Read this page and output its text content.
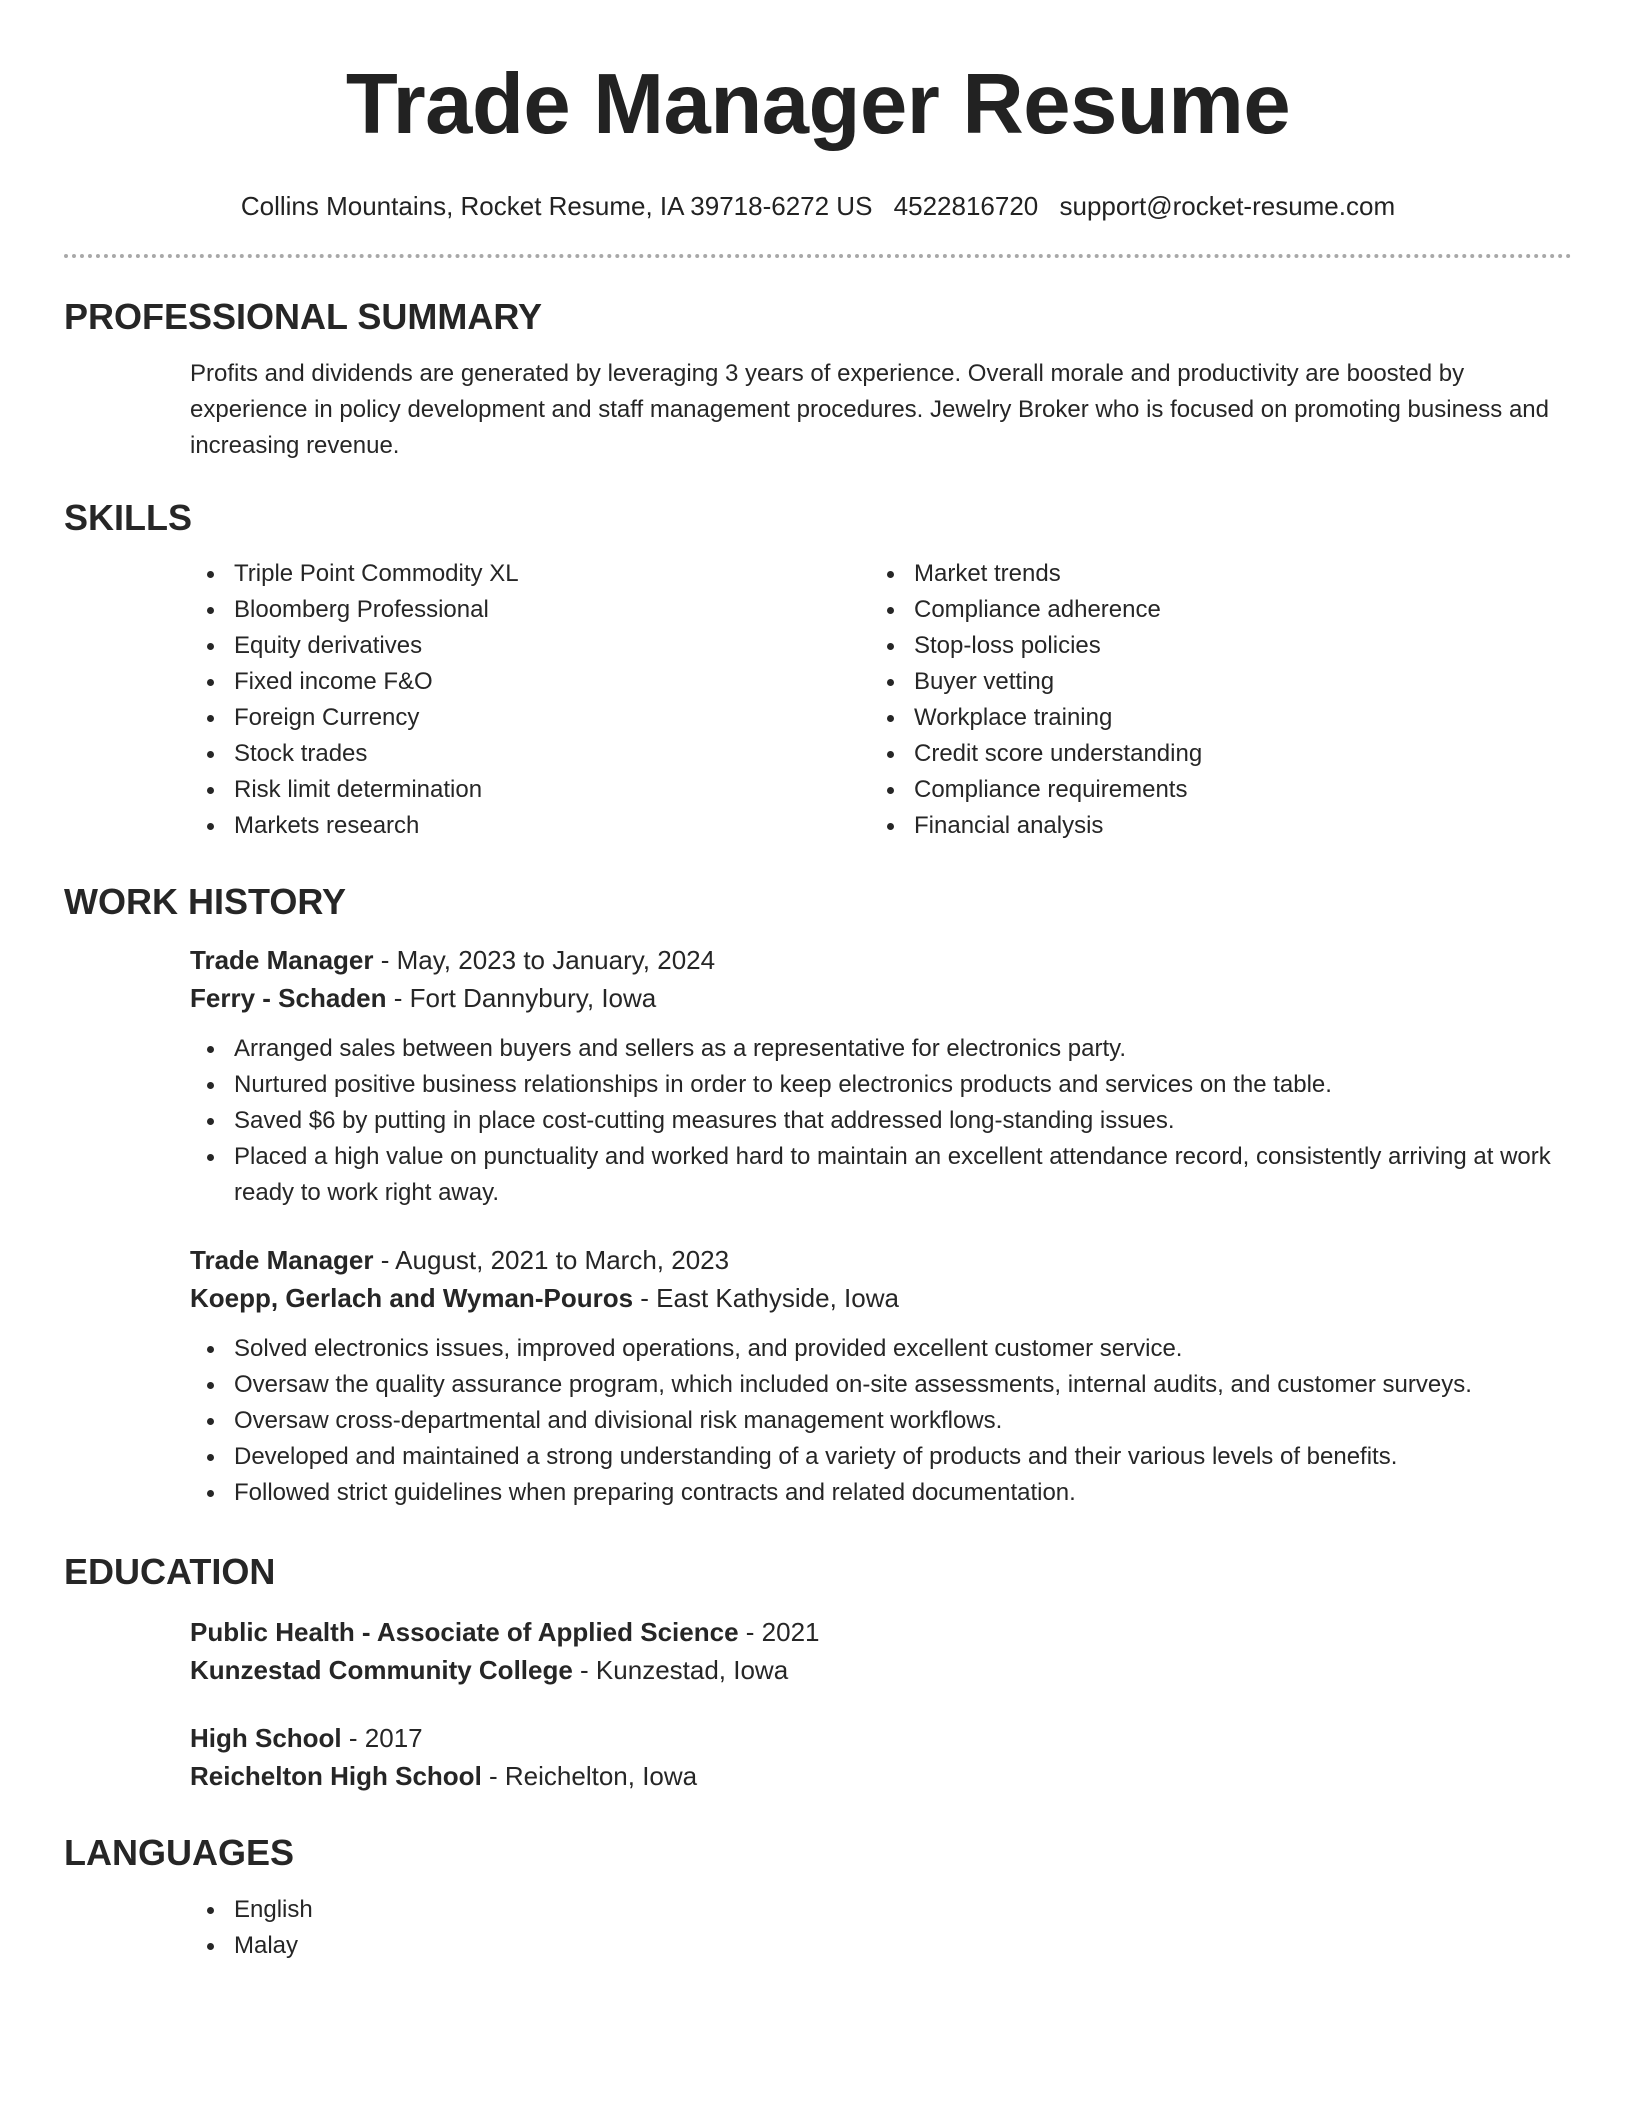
Trade Manager Resume
Collins Mountains, Rocket Resume, IA 39718-6272 US 4522816720 support@rocket-resume.com
PROFESSIONAL SUMMARY

Profits and dividends are generated by leveraging 3 years of experience. Overall morale and productivity are boosted by experience in policy development and staff management procedures. Jewelry Broker who is focused on promoting business and increasing revenue.

SKILLS
Triple Point Commodity XL
Bloomberg Professional
Equity derivatives
Fixed income F&O
Foreign Currency
Stock trades
Risk limit determination
Markets research
Market trends
Compliance adherence
Stop-loss policies
Buyer vetting
Workplace training
Credit score understanding
Compliance requirements
Financial analysis
WORK HISTORY
Trade Manager - May, 2023 to January, 2024
Ferry - Schaden - Fort Dannybury, Iowa
Arranged sales between buyers and sellers as a representative for electronics party.
Nurtured positive business relationships in order to keep electronics products and services on the table.
Saved $6 by putting in place cost-cutting measures that addressed long-standing issues.
Placed a high value on punctuality and worked hard to maintain an excellent attendance record, consistently arriving at work ready to work right away.
Trade Manager - August, 2021 to March, 2023
Koepp, Gerlach and Wyman-Pouros - East Kathyside, Iowa
Solved electronics issues, improved operations, and provided excellent customer service.
Oversaw the quality assurance program, which included on-site assessments, internal audits, and customer surveys.
Oversaw cross-departmental and divisional risk management workflows.
Developed and maintained a strong understanding of a variety of products and their various levels of benefits.
Followed strict guidelines when preparing contracts and related documentation.
EDUCATION
Public Health - Associate of Applied Science - 2021
Kunzestad Community College - Kunzestad, Iowa
High School - 2017
Reichelton High School - Reichelton, Iowa
LANGUAGES
English
Malay
